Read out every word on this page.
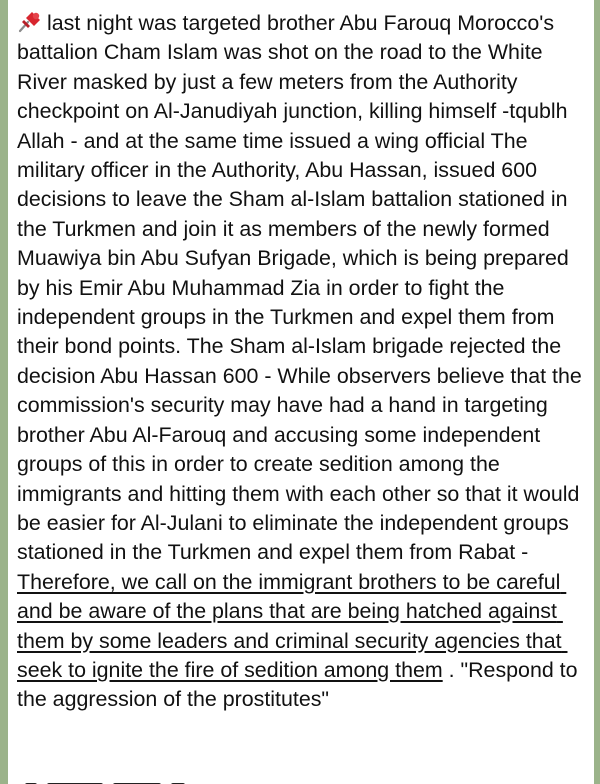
last night was targeted brother Abu Farouq Morocco's battalion Cham Islam was shot on the road to the White River masked by just a few meters from the Authority checkpoint on Al-Janudiyah junction, killing himself -tqublh Allah - and at the same time issued a wing official The military officer in the Authority, Abu Hassan, issued 600 decisions to leave the Sham al-Islam battalion stationed in the Turkmen and join it as members of the newly formed Muawiya bin Abu Sufyan Brigade, which is being prepared by his Emir Abu Muhammad Zia in order to fight the independent groups in the Turkmen and expel them from their bond points. The Sham al-Islam brigade rejected the decision Abu Hassan 600 - While observers believe that the commission's security may have had a hand in targeting brother Abu Al-Farouq and accusing some independent groups of this in order to create sedition among the immigrants and hitting them with each other so that it would be easier for Al-Julani to eliminate the independent groups stationed in the Turkmen and expel them from Rabat -Therefore, we call on the immigrant brothers to be careful and be aware of the plans that are being hatched against them by some leaders and criminal security agencies that seek to ignite the fire of sedition among them . "Respond to the aggression of the prostitutes"
